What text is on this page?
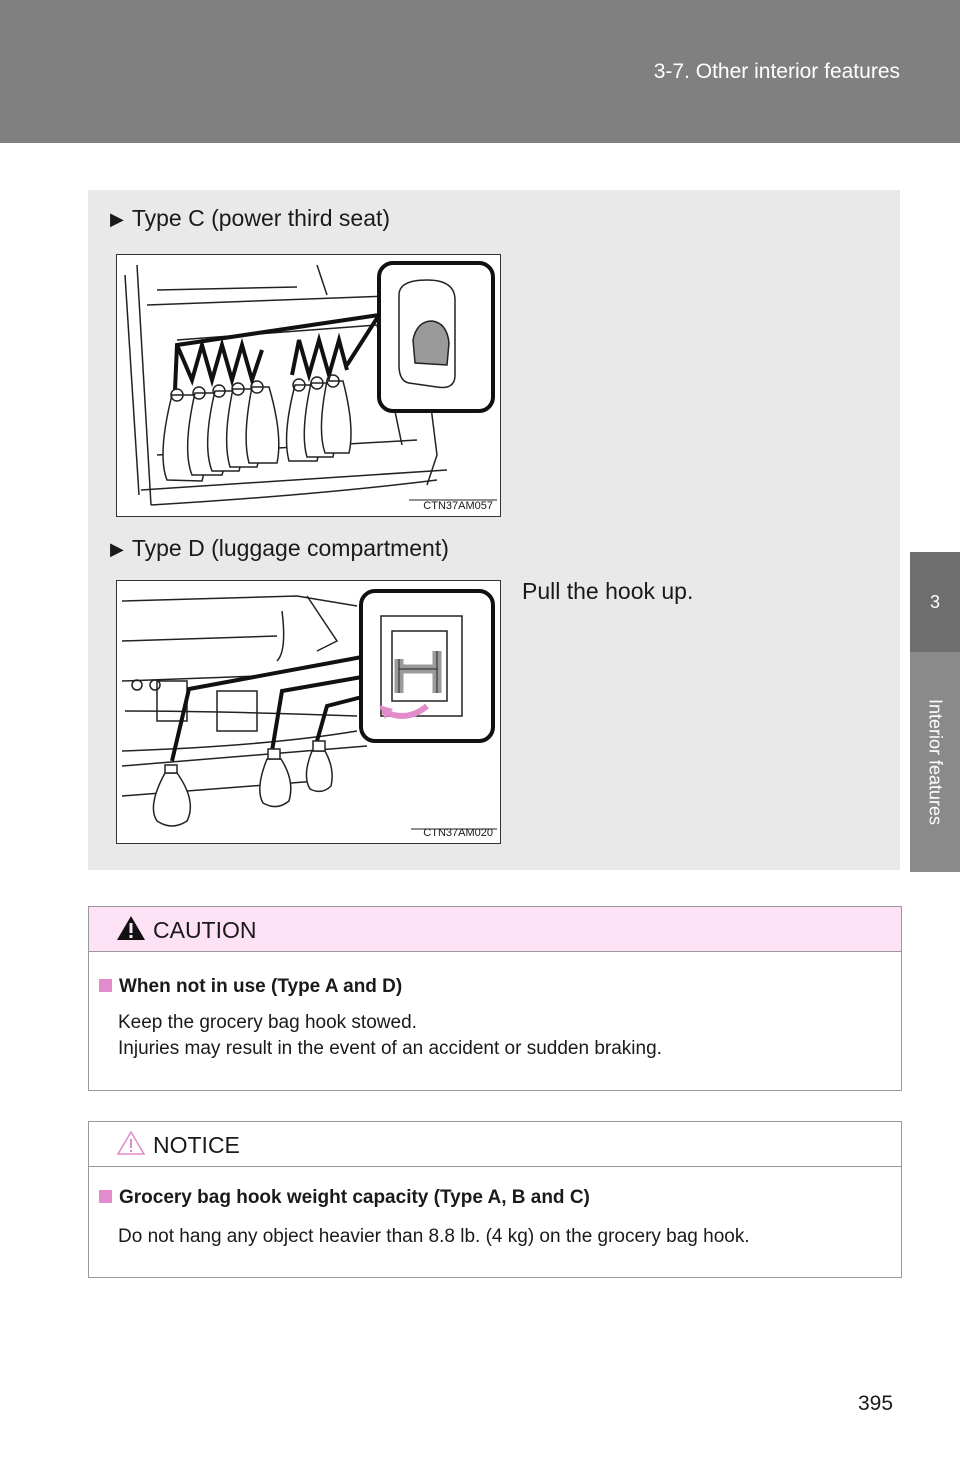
3-7. Other interior features
3
Interior features
▶ Type C (power third seat)
CTN37AM057
▶ Type D (luggage compartment)
Pull the hook up.
CTN37AM020
CAUTION
When not in use (Type A and D)
Keep the grocery bag hook stowed.
Injuries may result in the event of an accident or sudden braking.
NOTICE
Grocery bag hook weight capacity (Type A, B and C)
Do not hang any object heavier than 8.8 lb. (4 kg) on the grocery bag hook.
395
